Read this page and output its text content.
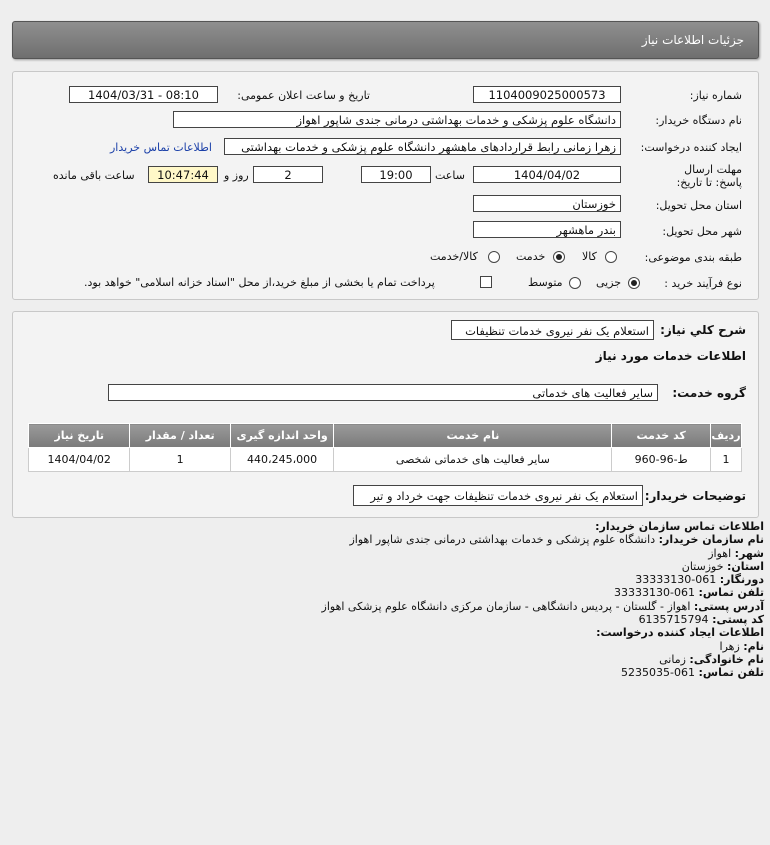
جزئیات اطلاعات نیاز
شماره نیاز:
1104009025000573
تاریخ و ساعت اعلان عمومی:
1404/03/31 - 08:10
نام دستگاه خریدار:
دانشگاه علوم پزشکی و خدمات بهداشتی درمانی جندی شاپور اهواز
ایجاد کننده درخواست:
زهرا زمانی رابط قراردادهای ماهشهر دانشگاه علوم پزشکی و خدمات بهداشتی
اطلاعات تماس خریدار
مهلت ارسال پاسخ: تا تاریخ:
1404/04/02
ساعت
19:00
2
روز و
10:47:44
ساعت باقی مانده
استان محل تحویل:
خوزستان
شهر محل تحویل:
بندر ماهشهر
طبقه بندی موضوعی:
کالا
خدمت
کالا/خدمت
نوع فرآیند خرید :
جزیی
متوسط
پرداخت تمام یا بخشی از مبلغ خرید،از محل "اسناد خزانه اسلامی" خواهد بود.
شرح کلي نیاز:
استعلام یک نفر نیروی خدمات تنظیفات
اطلاعات خدمات مورد نیاز
گروه خدمت:
سایر فعالیت های خدماتی
ردیف	کد خدمت	نام خدمت	واحد اندازه گیری	تعداد / مقدار	تاریخ نیاز
1	ط-96-960	سایر فعالیت های خدماتی شخصی	440،245،000	1	1404/04/02
توضیحات خریدار:
استعلام یک نفر نیروی خدمات تنظیفات جهت خرداد و تیر
اطلاعات تماس سازمان خریدار:
نام سازمان خریدار: دانشگاه علوم پزشکی و خدمات بهداشتی درمانی جندی شاپور اهواز
شهر: اهواز
استان: خوزستان
دورنگار: 061-33333130
تلفن تماس: 061-33333130
آدرس پستی: اهواز - گلستان - پردیس دانشگاهی - سازمان مرکزی دانشگاه علوم پزشکی اهواز
کد پستی: 6135715794
اطلاعات ایجاد کننده درخواست:
نام: زهرا
نام خانوادگی: زمانی
تلفن تماس: 061-5235035
